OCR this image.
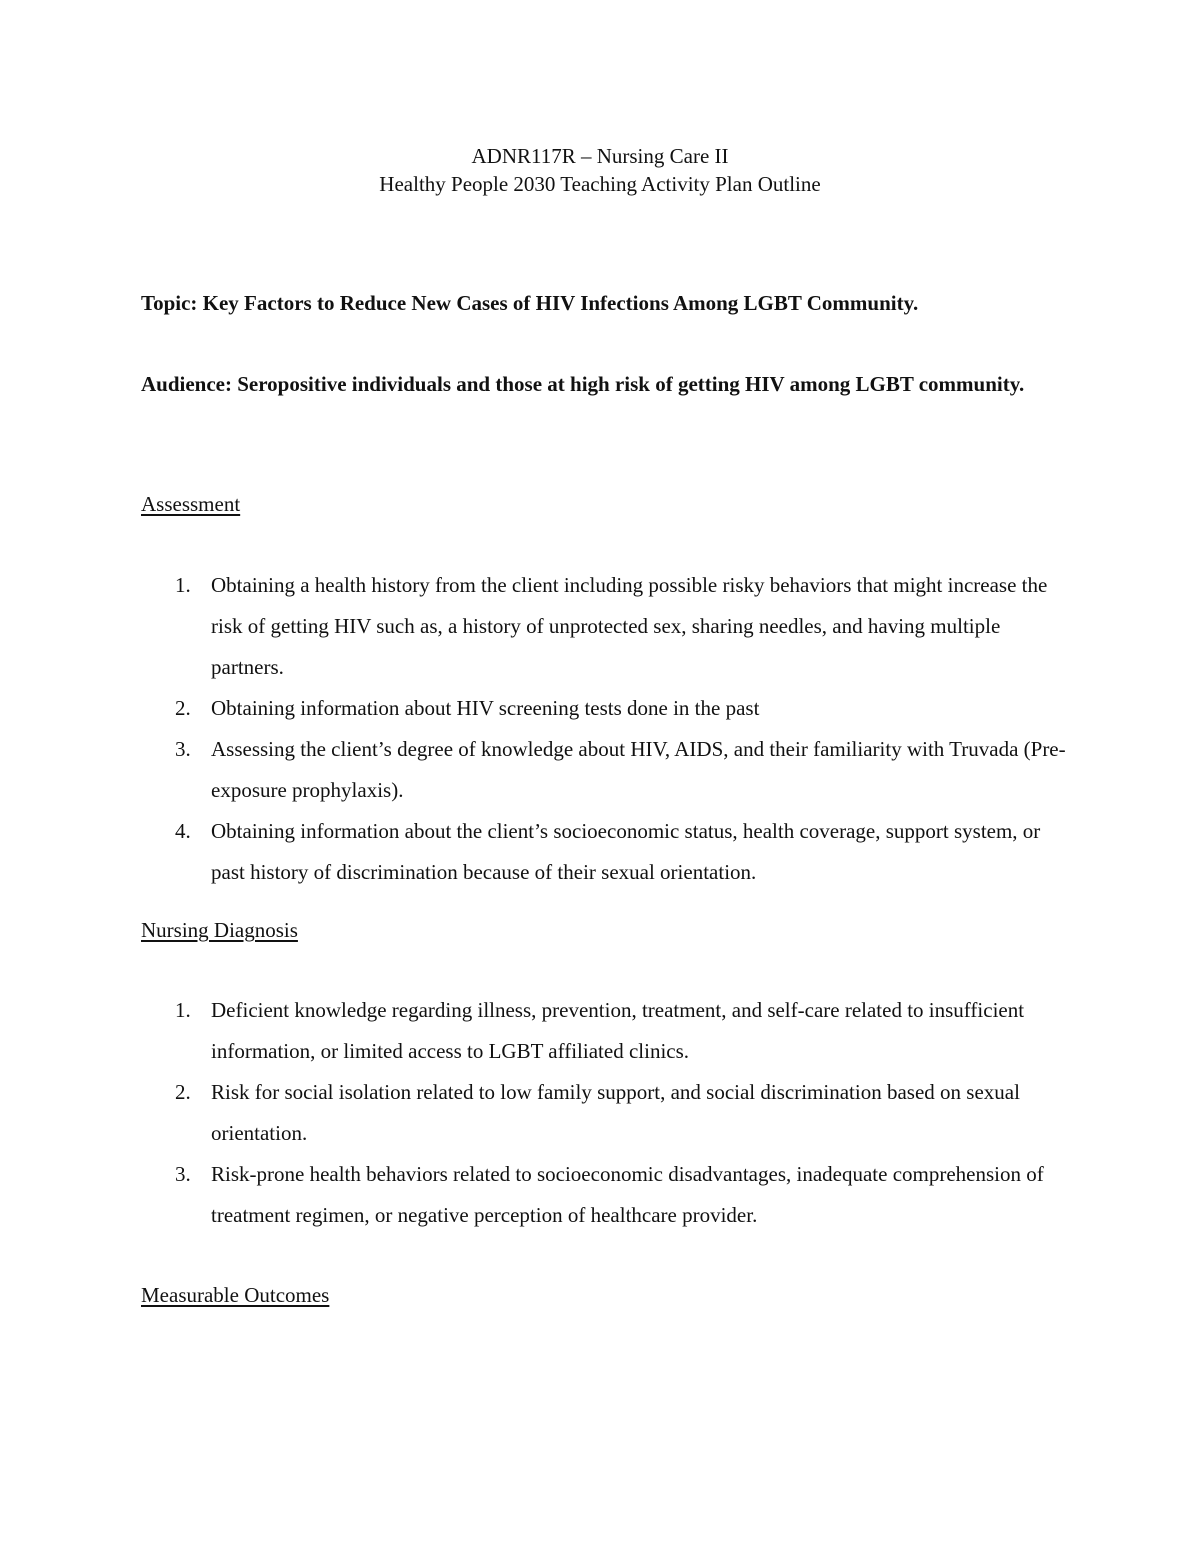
ADNR117R – Nursing Care II
Healthy People 2030 Teaching Activity Plan Outline
Topic: Key Factors to Reduce New Cases of HIV Infections Among LGBT Community.
Audience: Seropositive individuals and those at high risk of getting HIV among LGBT community.
Assessment
1. Obtaining a health history from the client including possible risky behaviors that might increase the risk of getting HIV such as, a history of unprotected sex, sharing needles, and having multiple partners.
2. Obtaining information about HIV screening tests done in the past
3. Assessing the client’s degree of knowledge about HIV, AIDS, and their familiarity with Truvada (Pre-exposure prophylaxis).
4. Obtaining information about the client’s socioeconomic status, health coverage, support system, or past history of discrimination because of their sexual orientation.
Nursing Diagnosis
1. Deficient knowledge regarding illness, prevention, treatment, and self-care related to insufficient information, or limited access to LGBT affiliated clinics.
2. Risk for social isolation related to low family support, and social discrimination based on sexual orientation.
3. Risk-prone health behaviors related to socioeconomic disadvantages, inadequate comprehension of treatment regimen, or negative perception of healthcare provider.
Measurable Outcomes
